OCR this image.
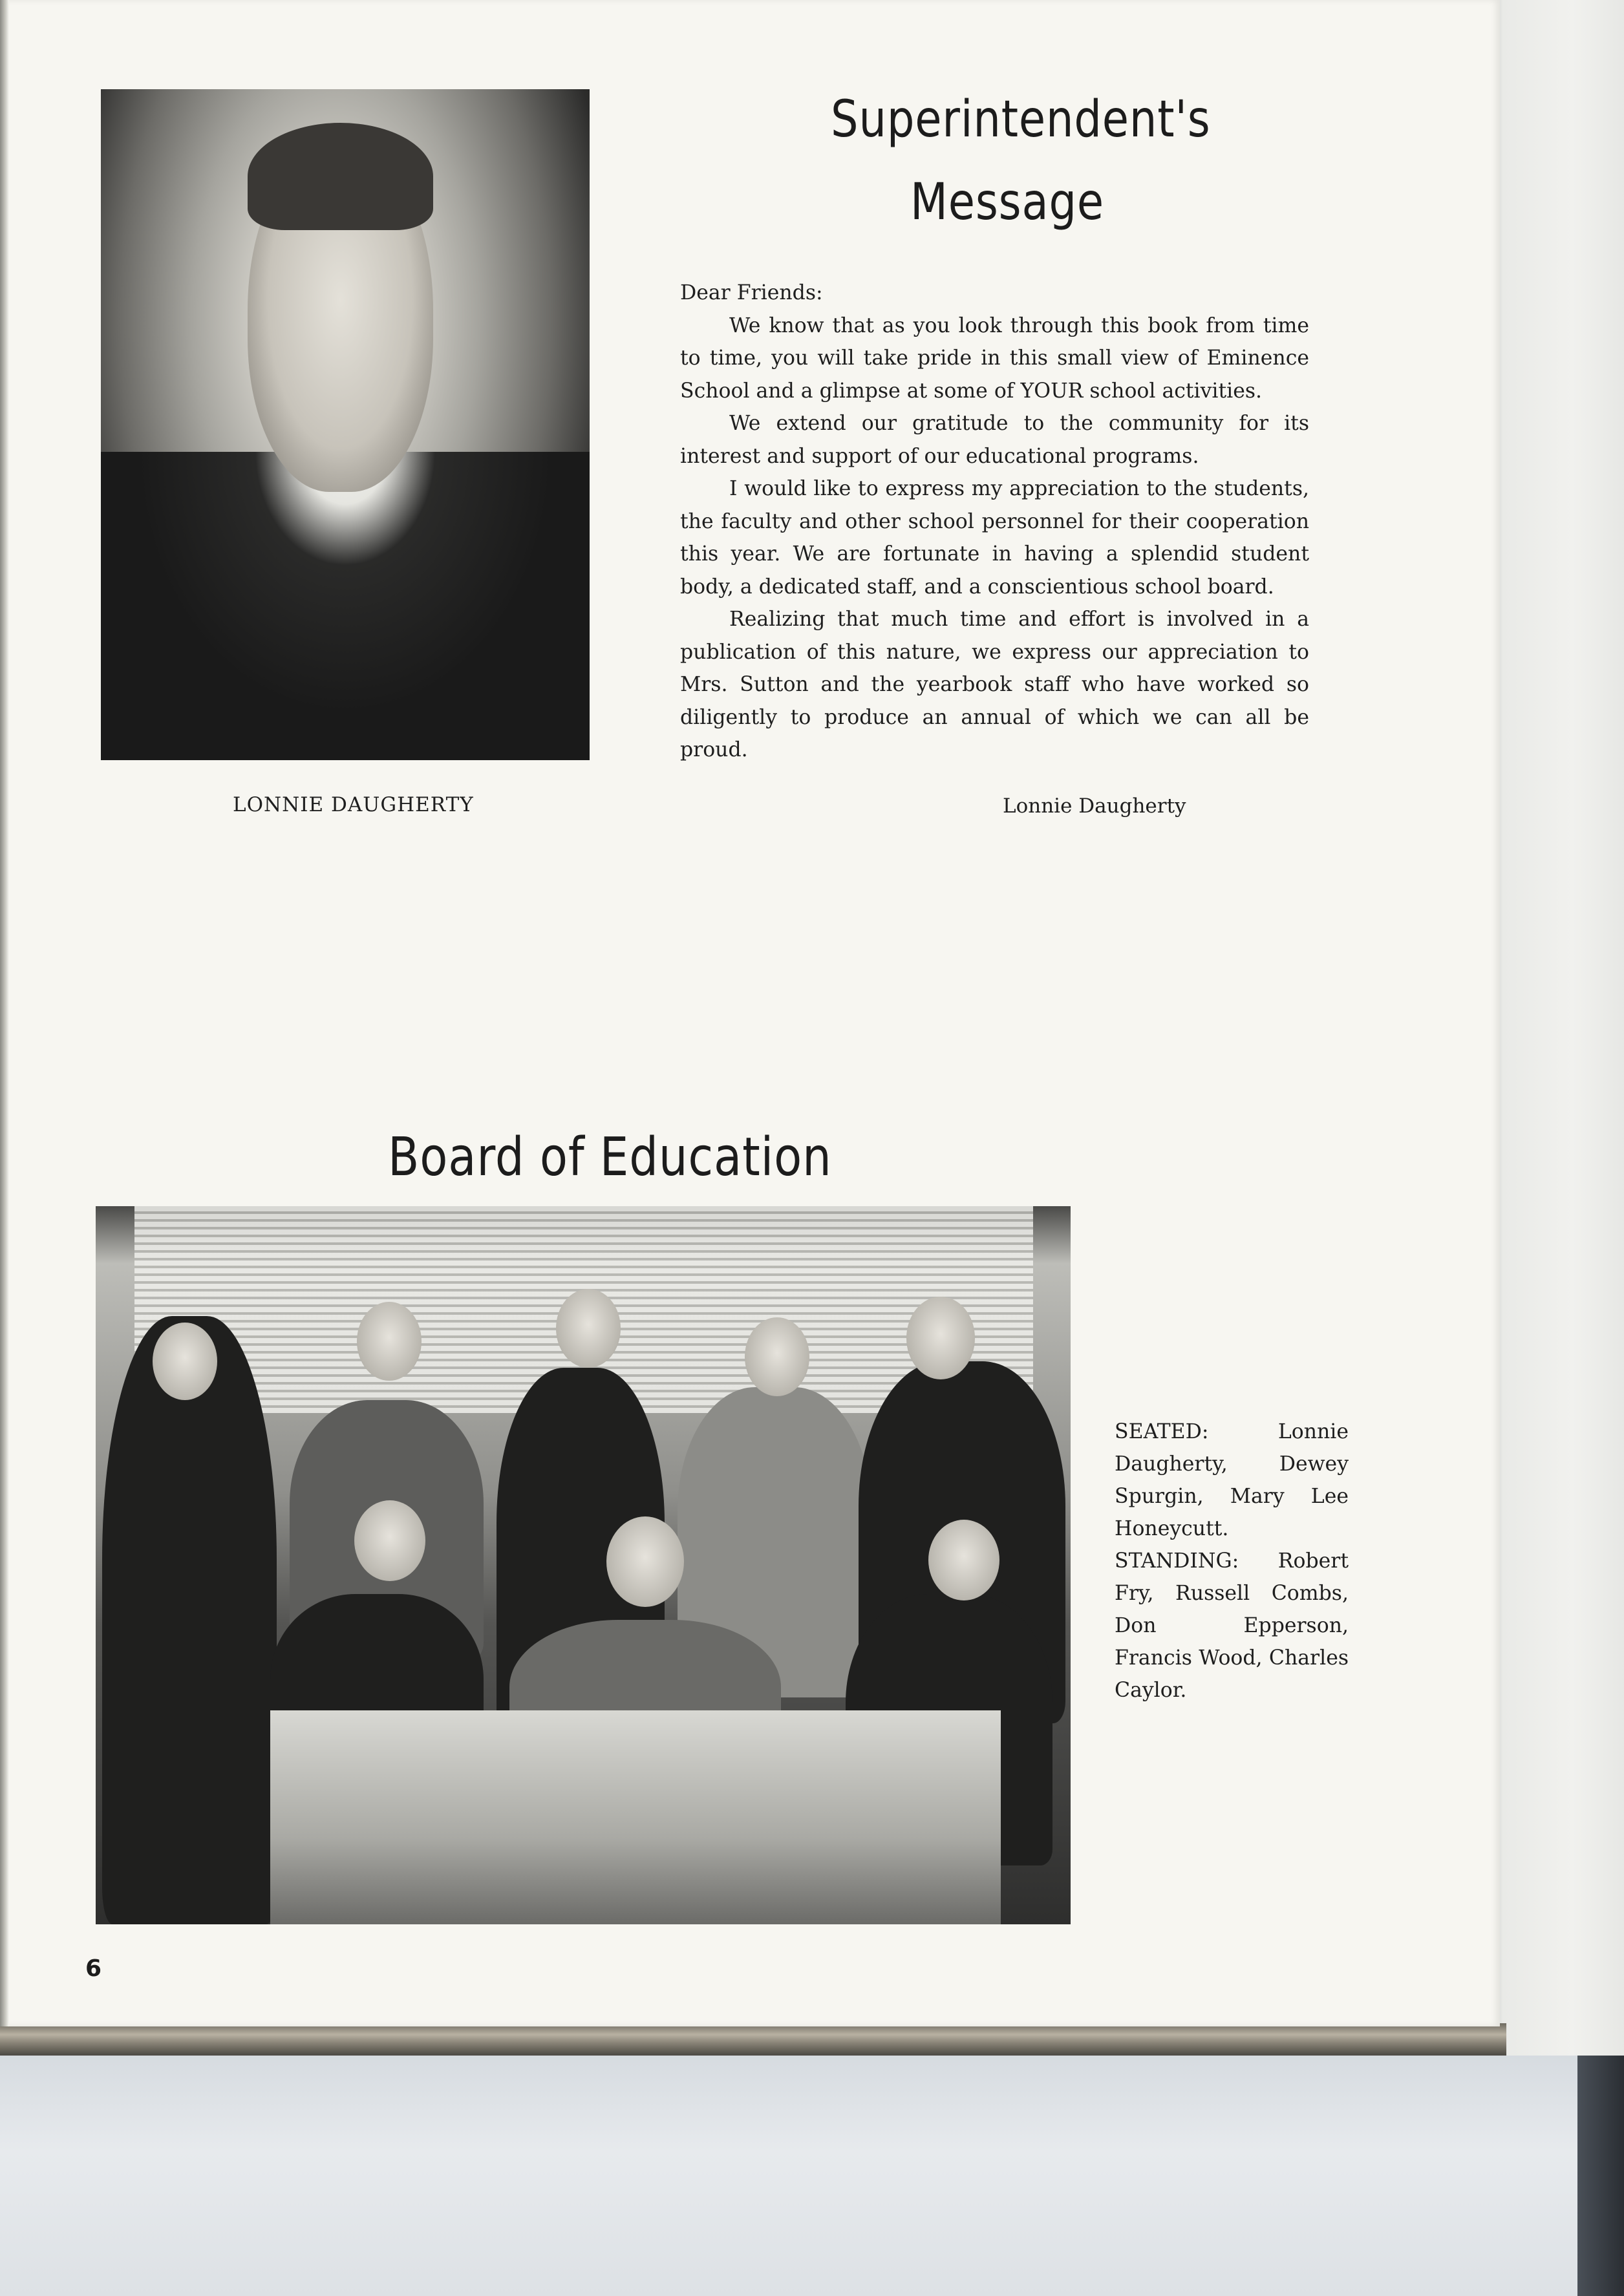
Superintendent's
Message

Dear Friends:

We know that as you look through this book from time to time, you will take pride in this small view of Eminence School and a glimpse at some of YOUR school activities.

We extend our gratitude to the community for its interest and support of our educational programs.

I would like to express my appreciation to the students, the faculty and other school personnel for their cooperation this year. We are fortunate in having a splendid student body, a dedicated staff, and a conscientious school board.

Realizing that much time and effort is involved in a publication of this nature, we express our appreciation to Mrs. Sutton and the yearbook staff who have worked so diligently to produce an annual of which we can all be proud.

LONNIE DAUGHERTY	Lonnie Daugherty
Board of Education
SEATED: Lonnie Daugherty, Dewey Spurgin, Mary Lee Honeycutt. STANDING: Robert Fry, Russell Combs, Don Epperson, Francis Wood, Charles Caylor.
6
